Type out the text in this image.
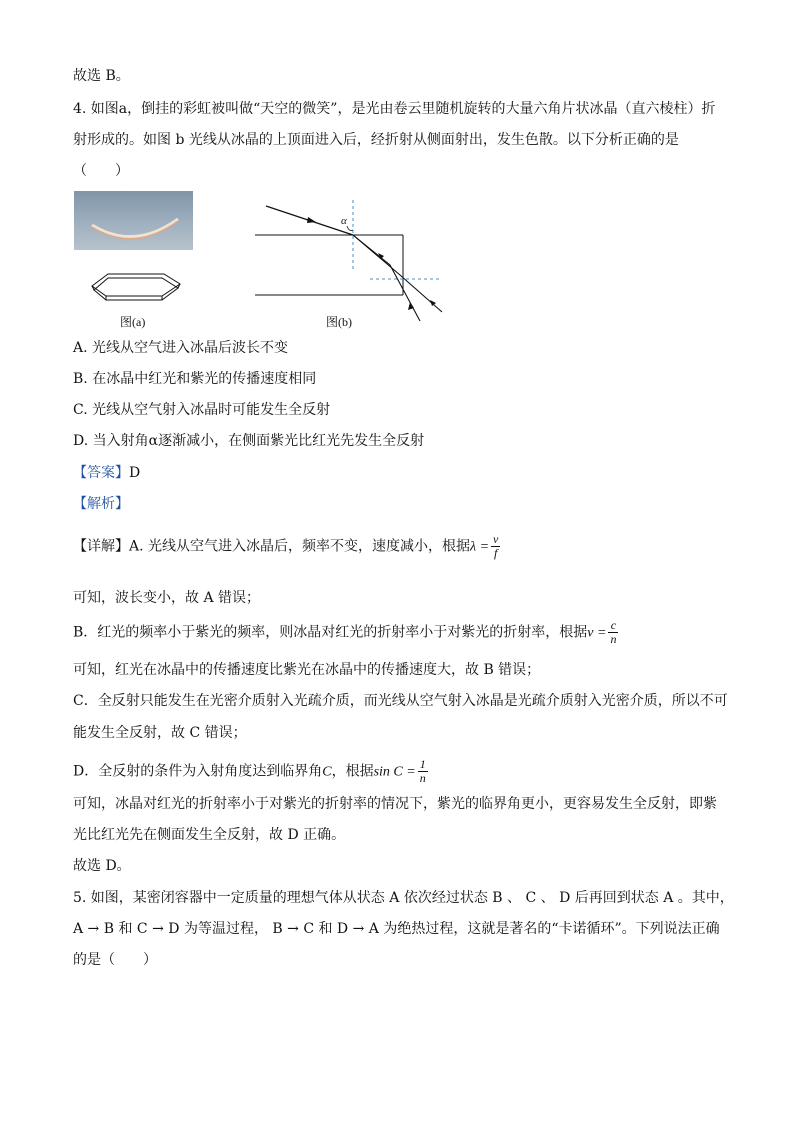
故选 B。
4. 如图a，倒挂的彩虹被叫做“天空的微笑”，是光由卷云里随机旋转的大量六角片状冰晶（直六棱柱）折
射形成的。如图 b 光线从冰晶的上顶面进入后，经折射从侧面射出，发生色散。以下分析正确的是
（　　）
图(a)
α
图(b)
A. 光线从空气进入冰晶后波长不变
B. 在冰晶中红光和紫光的传播速度相同
C. 光线从空气射入冰晶时可能发生全反射
D. 当入射角α逐渐减小，在侧面紫光比红光先发生全反射
【答案】D
【解析】
【详解】A. 光线从空气进入冰晶后，频率不变，速度减小，根据$\lambda = \frac{v}{f}$
可知，波长变小，故 A 错误；
B．红光的频率小于紫光的频率，则冰晶对红光的折射率小于对紫光的折射率，根据$v = \frac{c}{n}$
可知，红光在冰晶中的传播速度比紫光在冰晶中的传播速度大，故 B 错误；
C．全反射只能发生在光密介质射入光疏介质，而光线从空气射入冰晶是光疏介质射入光密介质，所以不可
能发生全反射，故 C 错误；
D．全反射的条件为入射角度达到临界角C，根据$\sin C = \frac{1}{n}$
可知，冰晶对红光的折射率小于对紫光的折射率的情况下，紫光的临界角更小，更容易发生全反射，即紫
光比红光先在侧面发生全反射，故 D 正确。
故选 D。
5. 如图，某密闭容器中一定质量的理想气体从状态 A 依次经过状态 B 、 C 、 D 后再回到状态 A 。其中，
A → B 和 C → D 为等温过程， B → C 和 D → A 为绝热过程，这就是著名的“卡诺循环”。下列说法正确
的是（　　）
